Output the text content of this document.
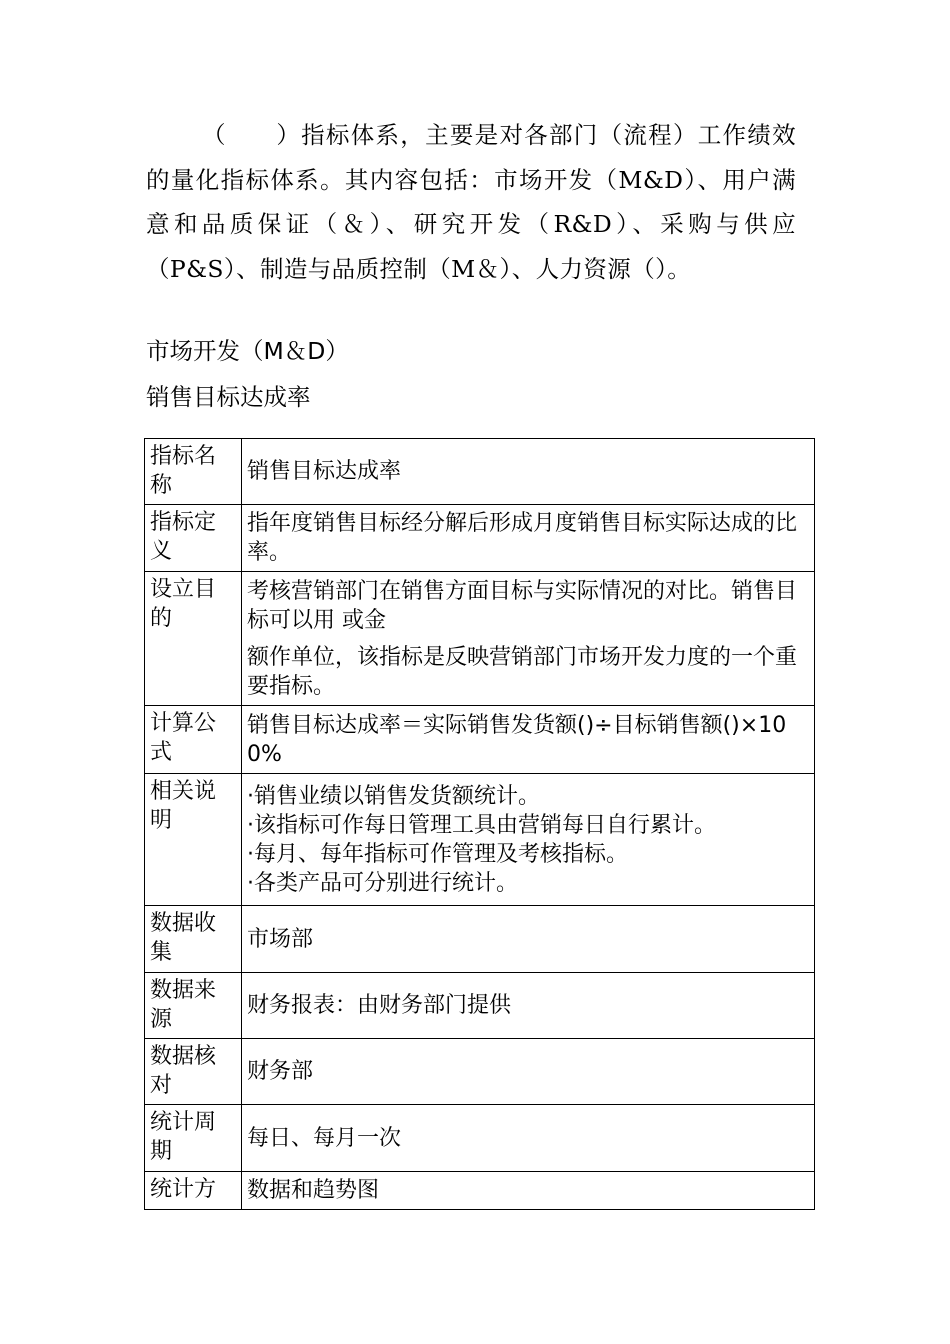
（　　）指标体系，主要是对各部门（流程）工作绩效的量化指标体系。其内容包括：市场开发（M&D）、用户满意和品质保证（＆）、研究开发（R&D）、采购与供应（P&S）、制造与品质控制（M＆）、人力资源（）。

市场开发（M＆D）

销售目标达成率

指标名称	销售目标达成率

指标定义	指年度销售目标经分解后形成月度销售目标实际达成的比率。

设立目的	考核营销部门在销售方面目标与实际情况的对比。销售目标可以用 或金

额作单位，该指标是反映营销部门市场开发力度的一个重要指标。

计算公式	销售目标达成率＝实际销售发货额()÷目标销售额()×100%

相关说明	·销售业绩以销售发货额统计。

·该指标可作每日管理工具由营销每日自行累计。

·每月、每年指标可作管理及考核指标。

·各类产品可分别进行统计。

数据收集	市场部

数据来源	财务报表：由财务部门提供

数据核对	财务部

统计周期	每日、每月一次

统计方	数据和趋势图
